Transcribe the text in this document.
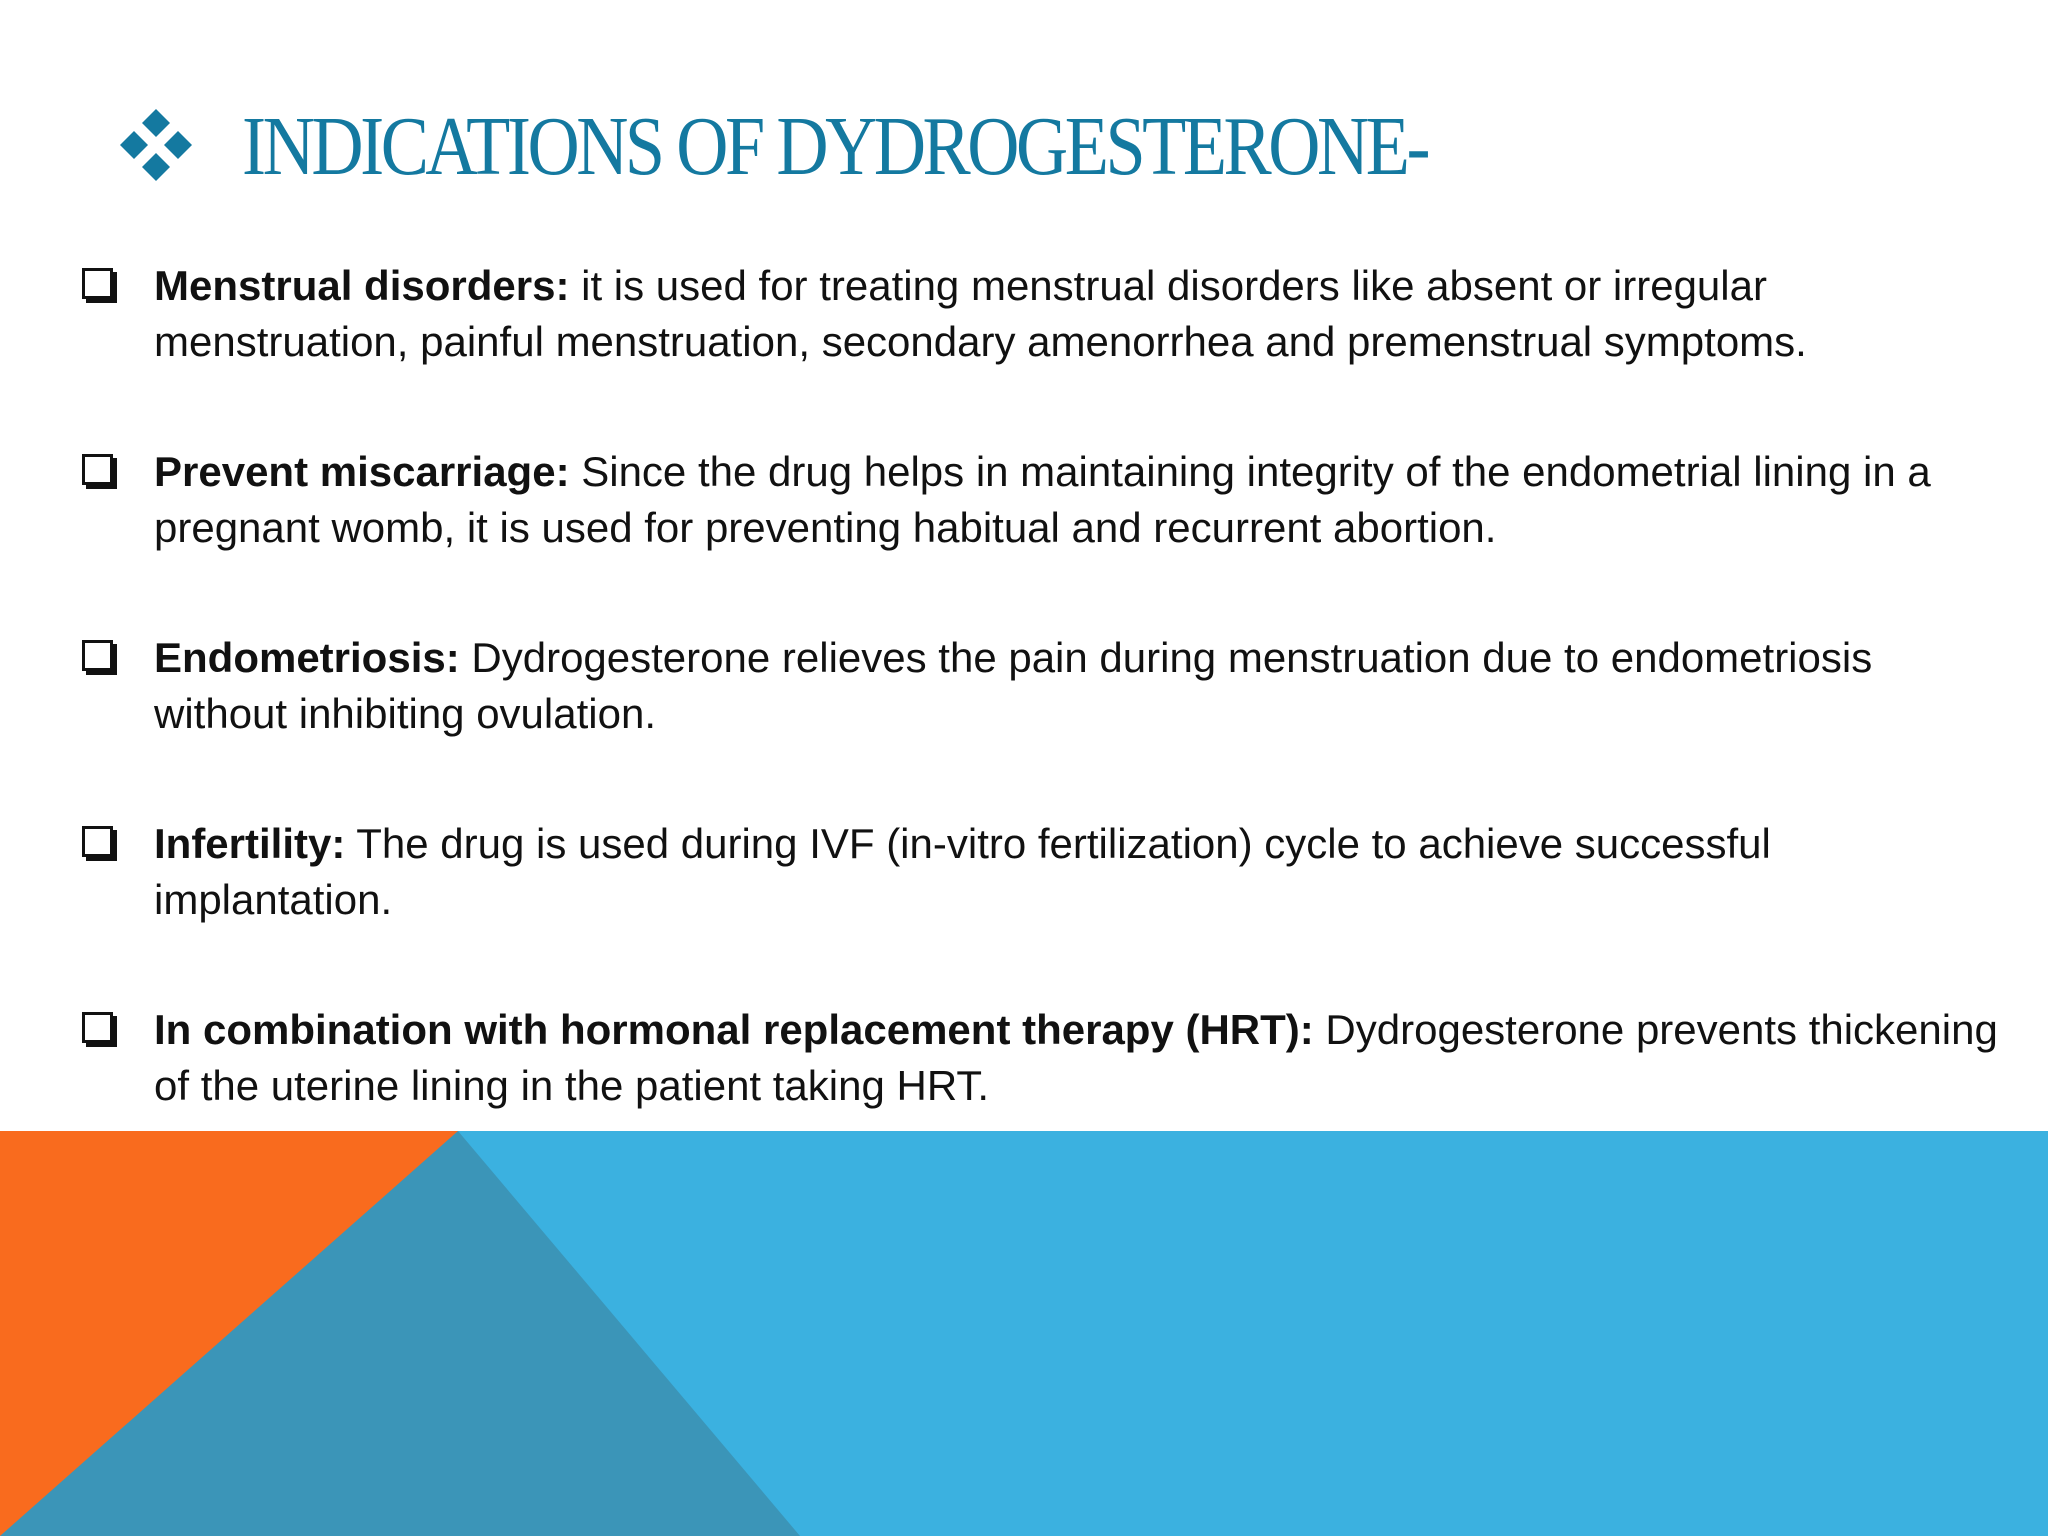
INDICATIONS OF DYDROGESTERONE-
Menstrual disorders: it is used for treating menstrual disorders like absent or irregular menstruation, painful menstruation, secondary amenorrhea and premenstrual symptoms.
Prevent miscarriage: Since the drug helps in maintaining integrity of the endometrial lining in a pregnant womb, it is used for preventing habitual and recurrent abortion.
Endometriosis: Dydrogesterone relieves the pain during menstruation due to endometriosis without inhibiting ovulation.
Infertility: The drug is used during IVF (in-vitro fertilization) cycle to achieve successful implantation.
In combination with hormonal replacement therapy (HRT): Dydrogesterone prevents thickening of the uterine lining in the patient taking HRT.
